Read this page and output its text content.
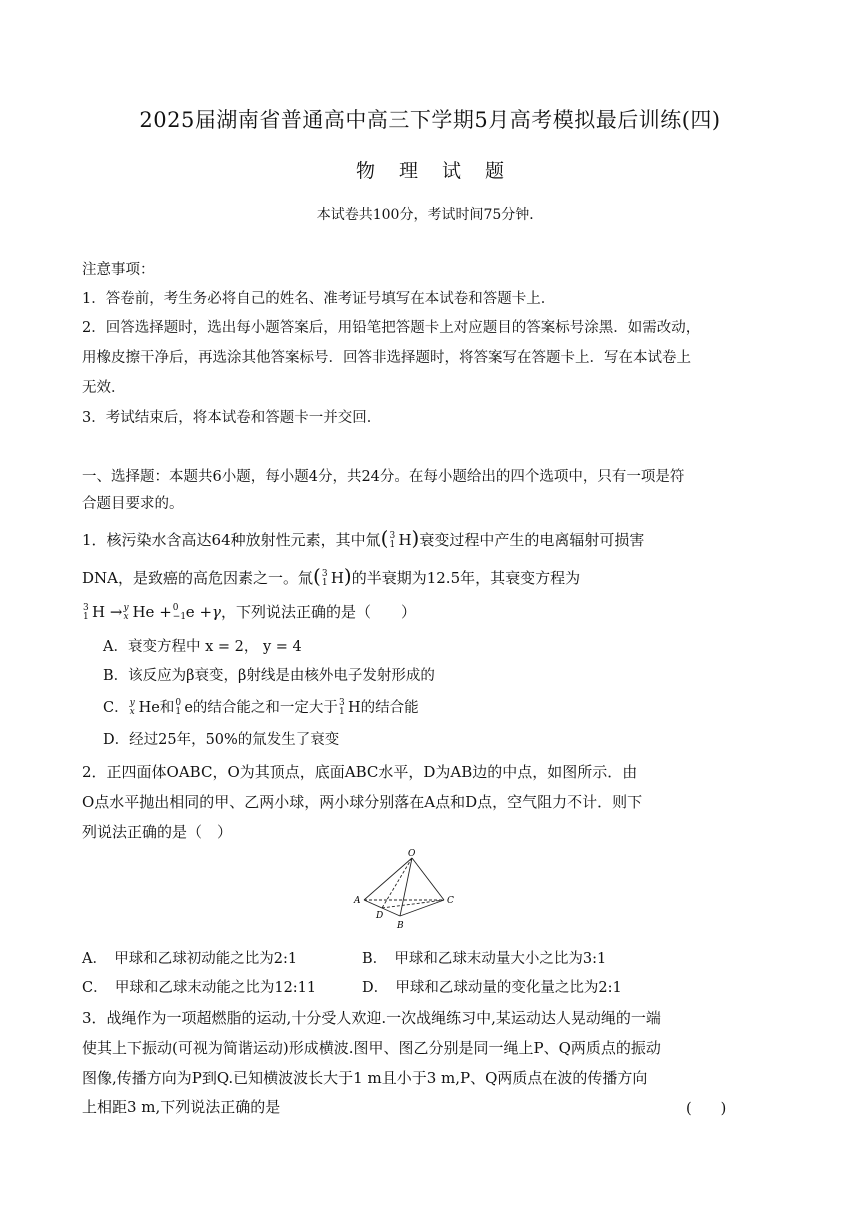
2025届湖南省普通高中高三下学期5月高考模拟最后训练(四)
物 理 试 题
本试卷共100分，考试时间75分钟．
注意事项：
1．答卷前，考生务必将自己的姓名、准考证号填写在本试卷和答题卡上．
2．回答选择题时，选出每小题答案后，用铅笔把答题卡上对应题目的答案标号涂黑．如需改动，
用橡皮擦干净后，再选涂其他答案标号．回答非选择题时，将答案写在答题卡上．写在本试卷上
无效．
3．考试结束后，将本试卷和答题卡一并交回．
一、选择题：本题共6小题，每小题4分，共24分。在每小题给出的四个选项中，只有一项是符
合题目要求的。
1．核污染水含高达64种放射性元素，其中氚( 3
1 H)衰变过程中产生的电离辐射可损害
DNA，是致癌的高危因素之一。氚( 3
1 H)的半衰期为12.5年，其衰变方程为
3
1 H → y
x He + 0
−1 e +γ，下列说法正确的是（　　）
A．衰变方程中 x = 2， y = 4
B．该反应为β衰变，β射线是由核外电子发射形成的
C． y
x He和 0
1 e的结合能之和一定大于 3
1 H的结合能
D．经过25年，50%的氚发生了衰变
2．正四面体OABC，O为其顶点，底面ABC水平，D为AB边的中点，如图所示．由
O点水平抛出相同的甲、乙两小球，两小球分别落在A点和D点，空气阻力不计．则下
列说法正确的是（　）
O
A	C
D
B
A．　甲球和乙球初动能之比为2:1	B．　甲球和乙球末动量大小之比为3:1
C．　甲球和乙球末动能之比为12:11	D．　甲球和乙球动量的变化量之比为2:1
3．战绳作为一项超燃脂的运动,十分受人欢迎.一次战绳练习中,某运动达人晃动绳的一端
使其上下振动(可视为简谐运动)形成横波.图甲、图乙分别是同一绳上P、Q两质点的振动
图像,传播方向为P到Q.已知横波波长大于1 m且小于3 m,P、Q两质点在波的传播方向
上相距3 m,下列说法正确的是	(　　)
